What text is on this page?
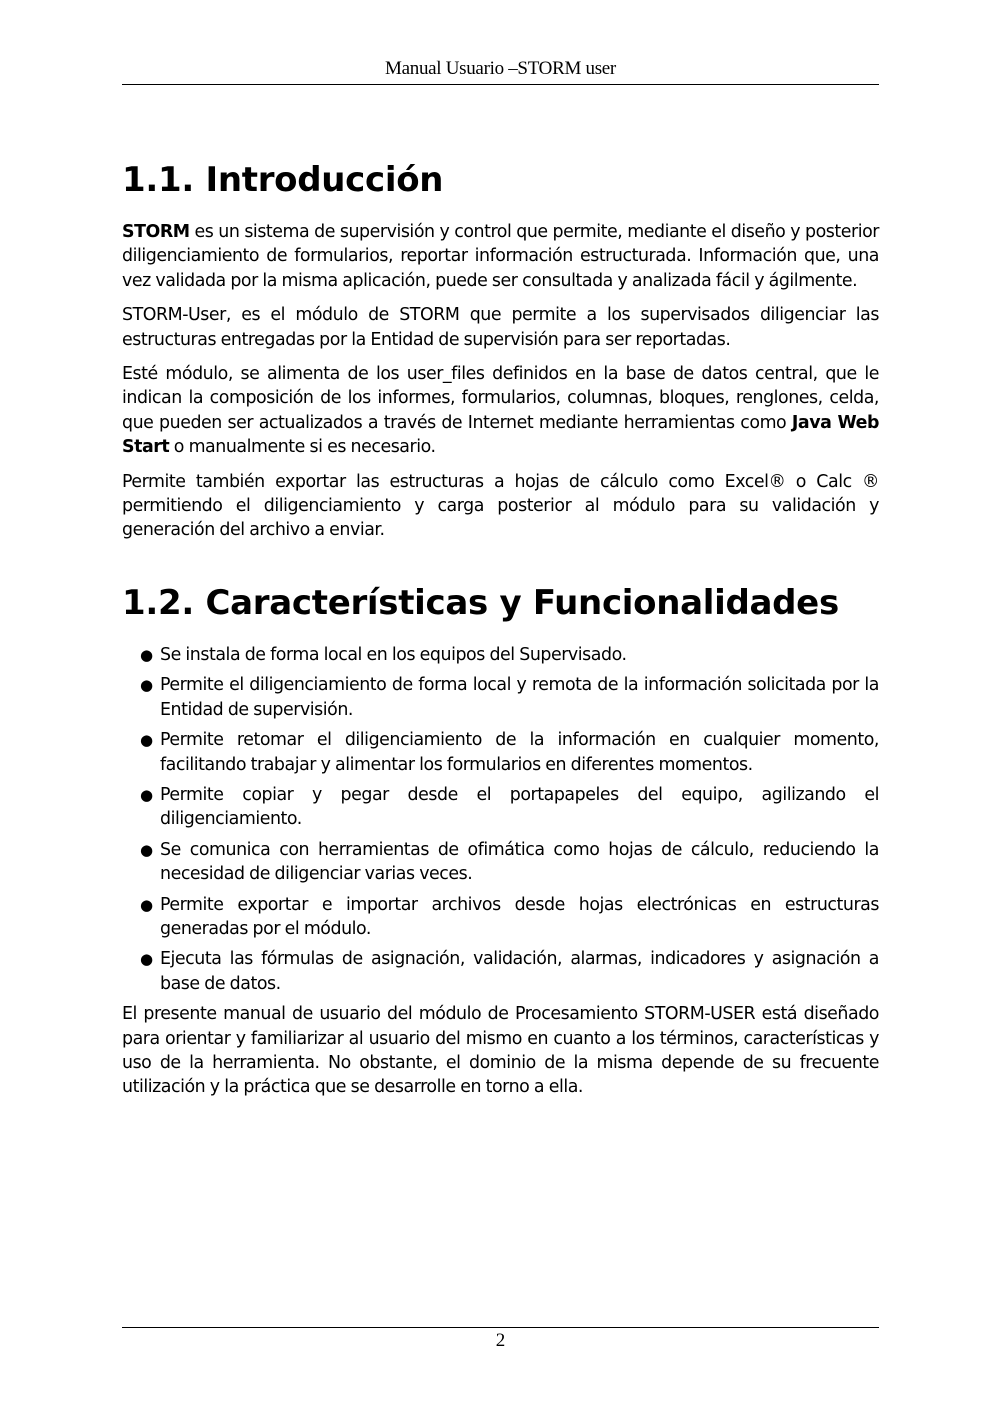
Manual Usuario –STORM user
1.1. Introducción

STORM es un sistema de supervisión y control que permite, mediante el diseño y posterior diligenciamiento de formularios, reportar información estructurada. Información que, una vez validada por la misma aplicación, puede ser consultada y analizada fácil y ágilmente.

STORM-User, es el módulo de STORM que permite a los supervisados diligenciar las estructuras entregadas por la Entidad de supervisión para ser reportadas.

Esté módulo, se alimenta de los user_files definidos en la base de datos central, que le indican la composición de los informes, formularios, columnas, bloques, renglones, celda, que pueden ser actualizados a través de Internet mediante herramientas como Java Web Start o manualmente si es necesario.

Permite también exportar las estructuras a hojas de cálculo como Excel® o Calc ® permitiendo el diligenciamiento y carga posterior al módulo para su validación y generación del archivo a enviar.

1.2. Características y Funcionalidades
● Se instala de forma local en los equipos del Supervisado.
● Permite el diligenciamiento de forma local y remota de la información solicitada por la Entidad de supervisión.
● Permite retomar el diligenciamiento de la información en cualquier momento, facilitando trabajar y alimentar los formularios en diferentes momentos.
● Permite copiar y pegar desde el portapapeles del equipo, agilizando el diligenciamiento.
● Se comunica con herramientas de ofimática como hojas de cálculo, reduciendo la necesidad de diligenciar varias veces.
● Permite exportar e importar archivos desde hojas electrónicas en estructuras generadas por el módulo.
● Ejecuta las fórmulas de asignación, validación, alarmas, indicadores y asignación a base de datos.

El presente manual de usuario del módulo de Procesamiento STORM-USER está diseñado para orientar y familiarizar al usuario del mismo en cuanto a los términos, características y uso de la herramienta. No obstante, el dominio de la misma depende de su frecuente utilización y la práctica que se desarrolle en torno a ella.

2
